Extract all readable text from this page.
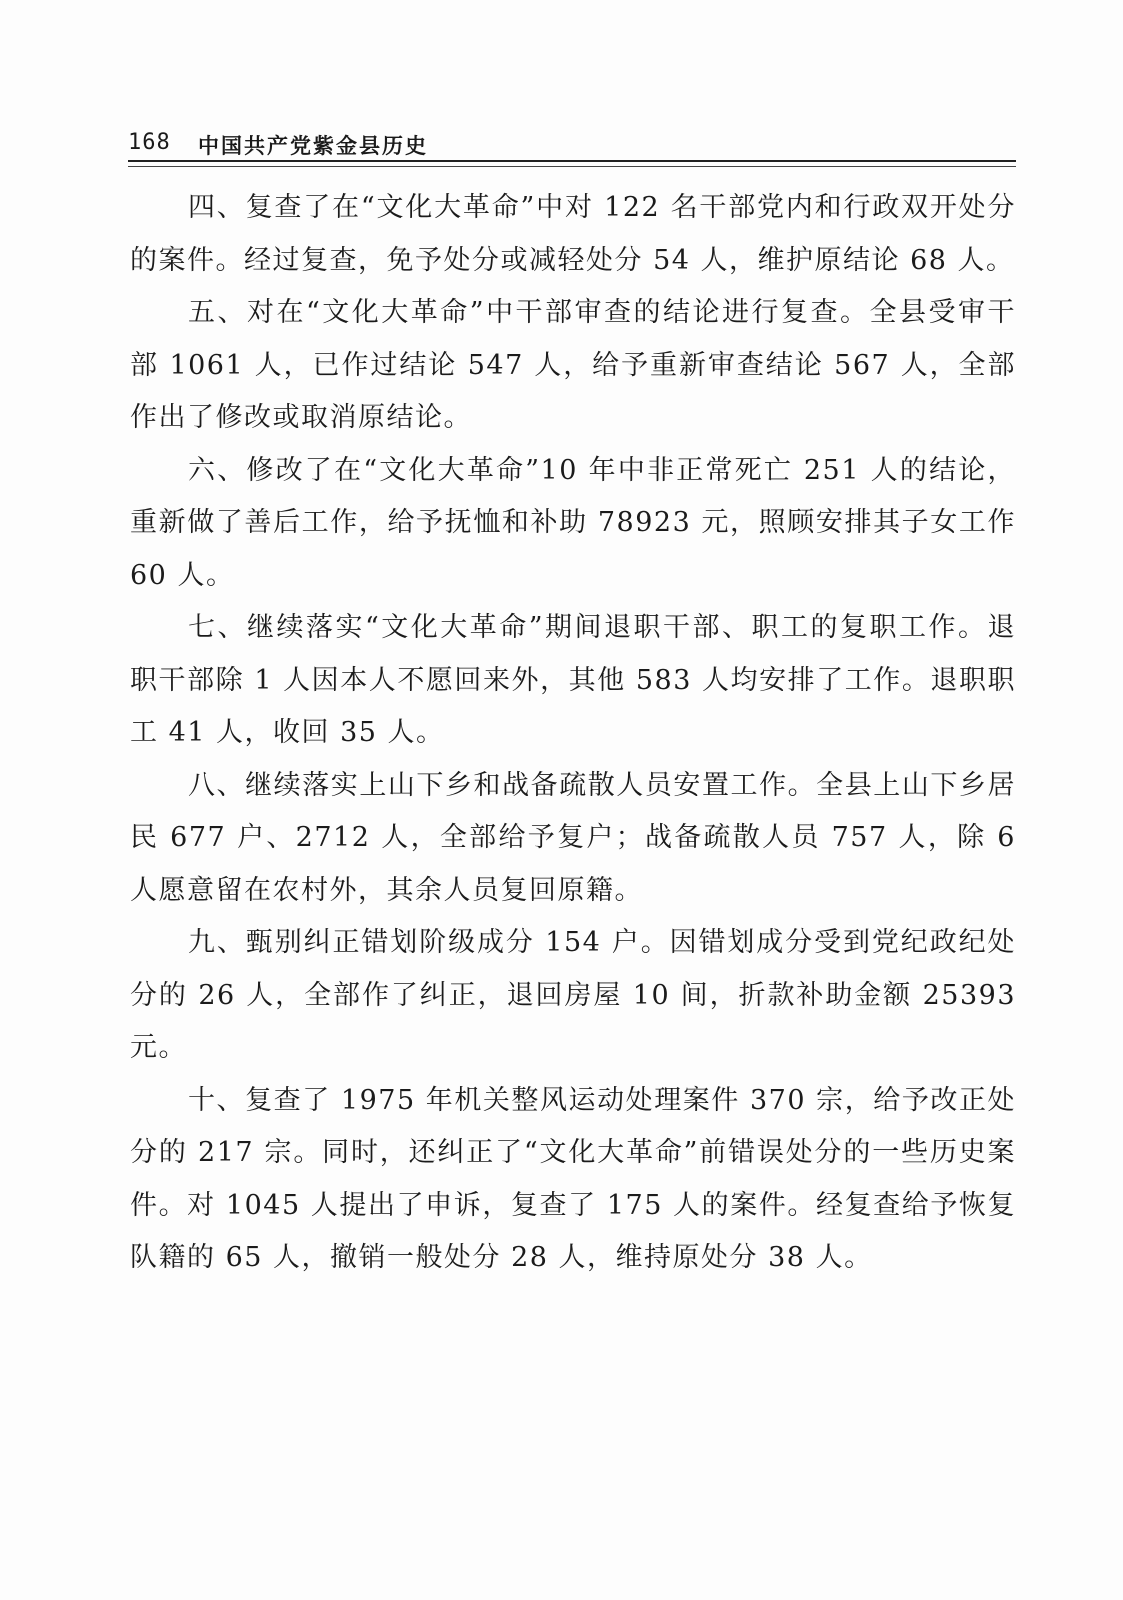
168 中国共产党紫金县历史

四、复查了在“文化大革命”中对 122 名干部党内和行政双开处分的案件。经过复查，免予处分或减轻处分 54 人，维护原结论 68 人。

五、对在“文化大革命”中干部审查的结论进行复查。全县受审干部 1061 人，已作过结论 547 人，给予重新审查结论 567 人，全部作出了修改或取消原结论。

六、修改了在“文化大革命”10 年中非正常死亡 251 人的结论，重新做了善后工作，给予抚恤和补助 78923 元，照顾安排其子女工作 60 人。

七、继续落实“文化大革命”期间退职干部、职工的复职工作。退职干部除 1 人因本人不愿回来外，其他 583 人均安排了工作。退职职工 41 人，收回 35 人。

八、继续落实上山下乡和战备疏散人员安置工作。全县上山下乡居民 677 户、2712 人，全部给予复户；战备疏散人员 757 人，除 6 人愿意留在农村外，其余人员复回原籍。

九、甄别纠正错划阶级成分 154 户。因错划成分受到党纪政纪处分的 26 人，全部作了纠正，退回房屋 10 间，折款补助金额 25393 元。

十、复查了 1975 年机关整风运动处理案件 370 宗，给予改正处分的 217 宗。同时，还纠正了“文化大革命”前错误处分的一些历史案件。对 1045 人提出了申诉，复查了 175 人的案件。经复查给予恢复队籍的 65 人，撤销一般处分 28 人，维持原处分 38 人。
